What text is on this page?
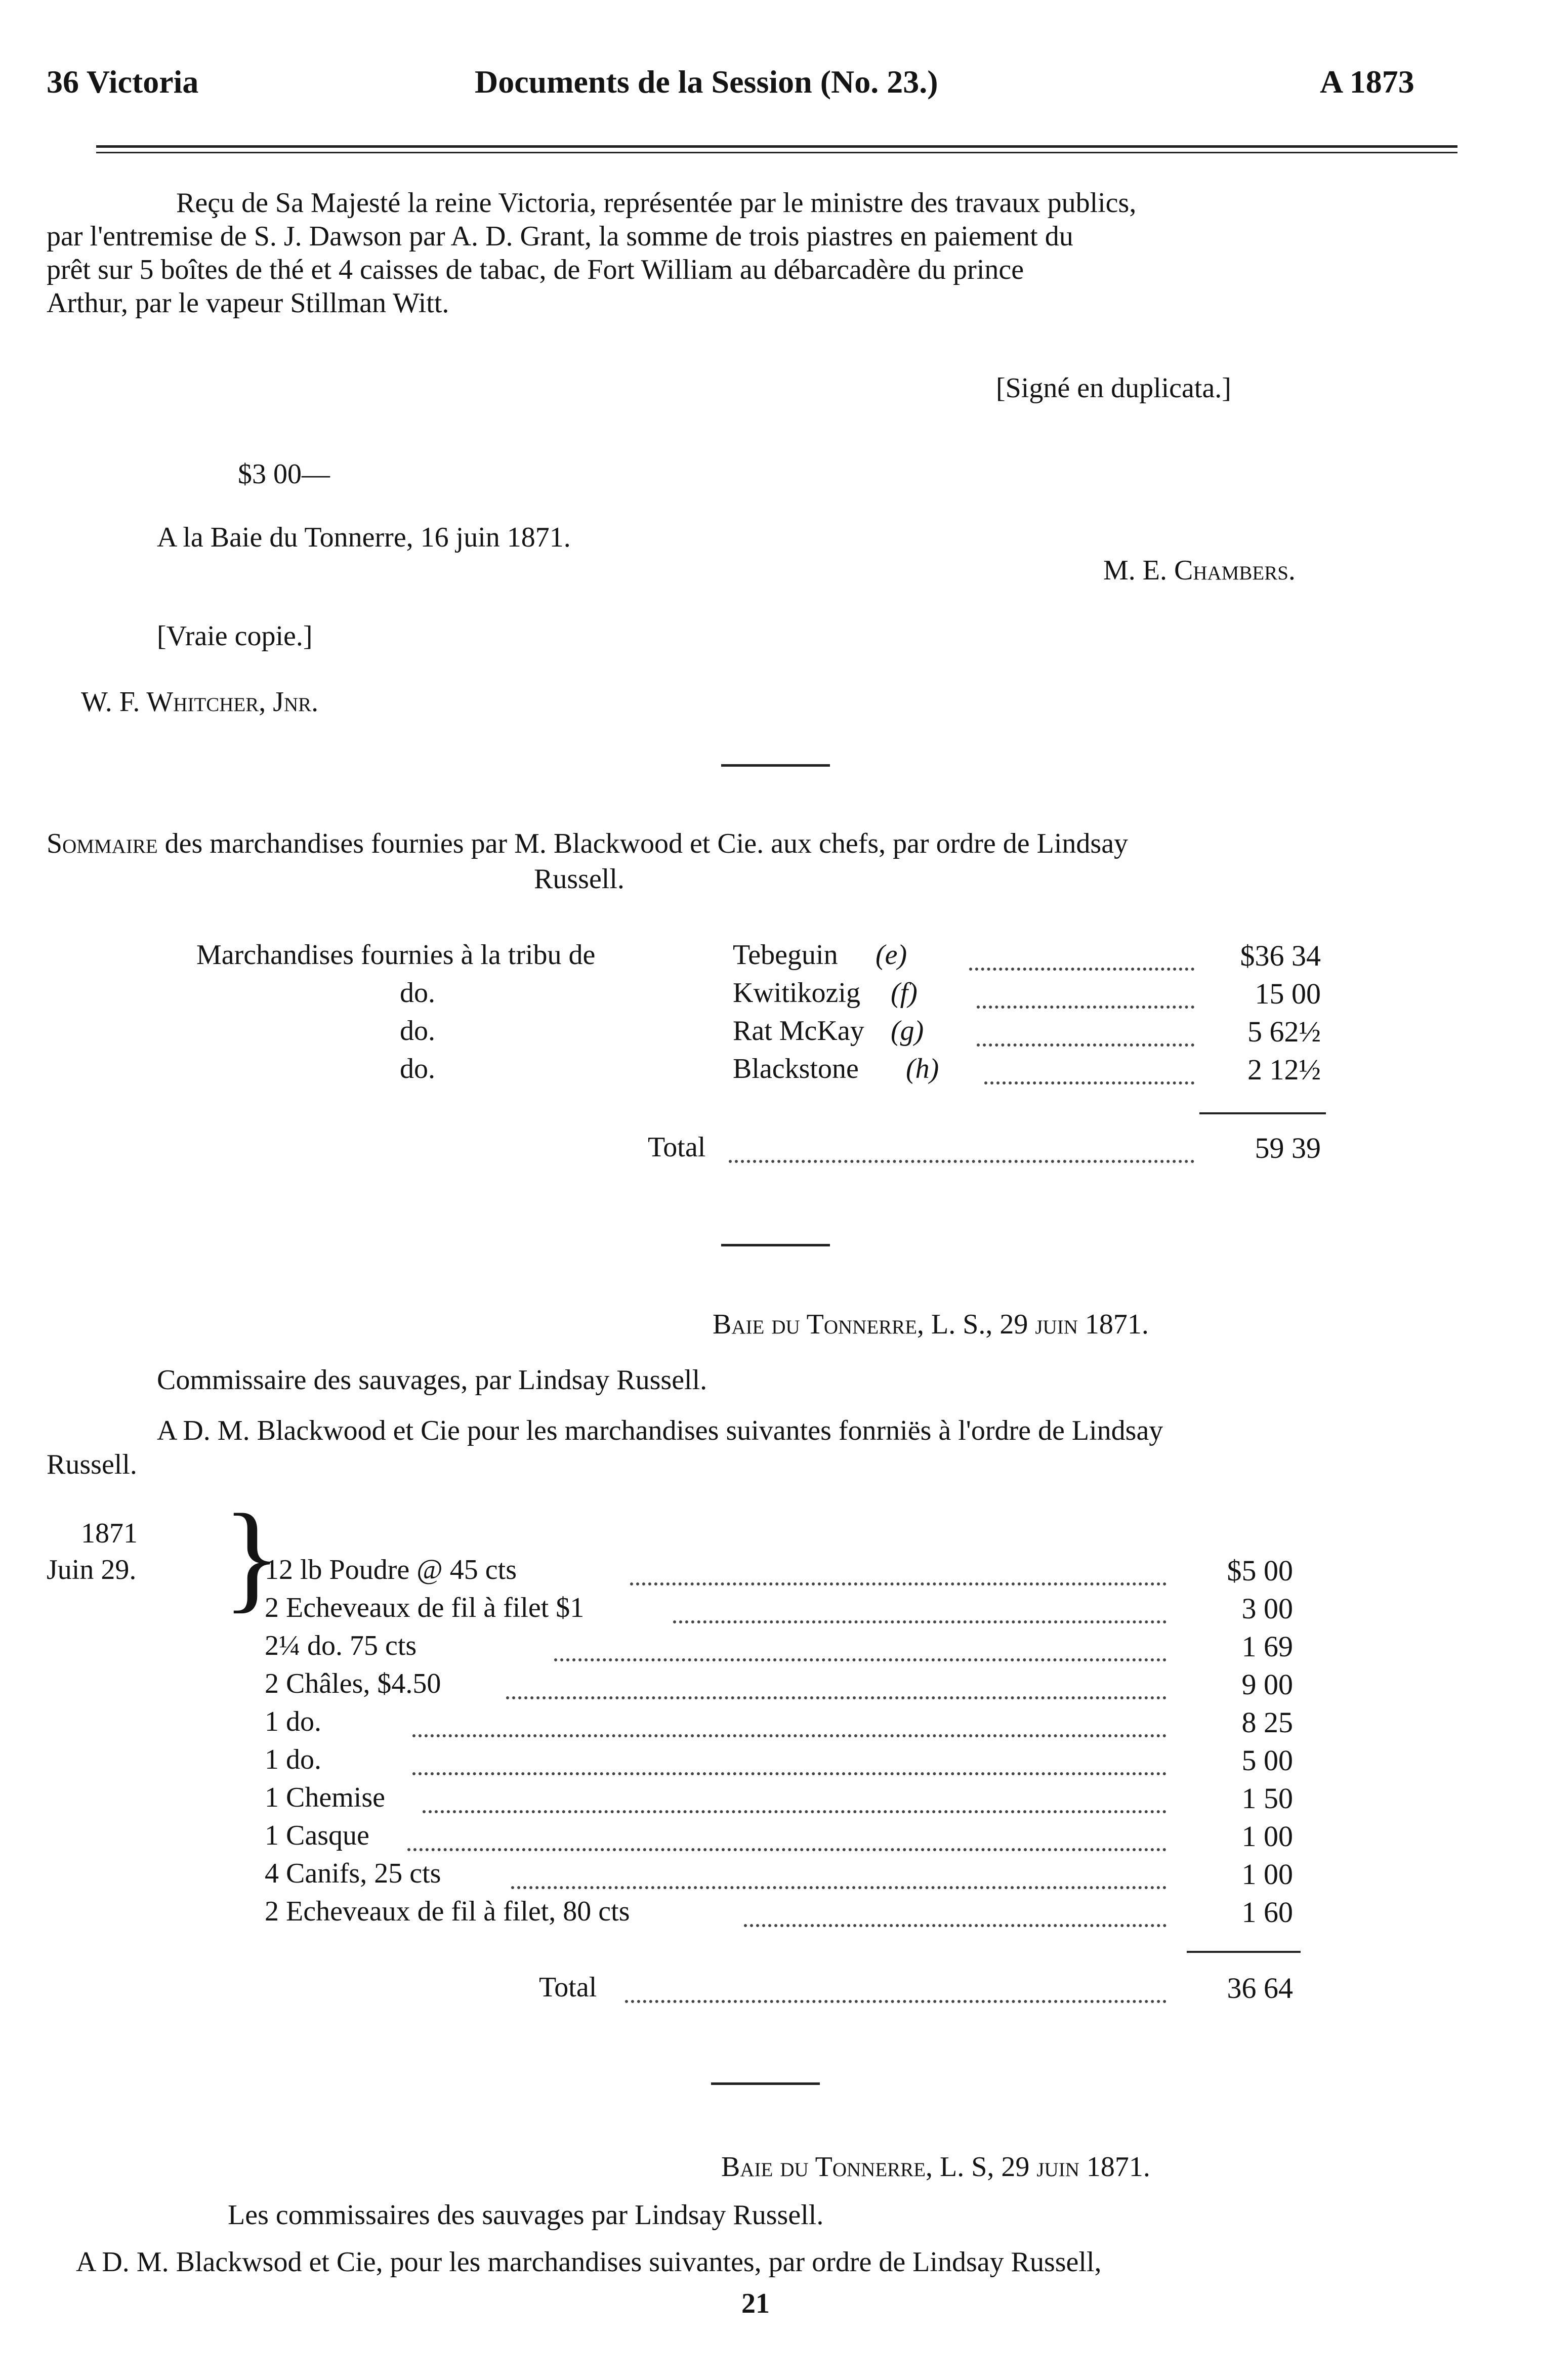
36 Victoria	Documents de la Session (No. 23.)	A 1873
Reçu de Sa Majesté la reine Victoria, représentée par le ministre des travaux publics,
par l'entremise de S. J. Dawson par A. D. Grant, la somme de trois piastres en paiement du
prêt sur 5 boîtes de thé et 4 caisses de tabac, de Fort William au débarcadère du prince
Arthur, par le vapeur Stillman Witt.
[Signé en duplicata.]
$3 00—
A la Baie du Tonnerre, 16 juin 1871.
M. E. Chambers.
[Vraie copie.]
W. F. Whitcher, Jnr.
Sommaire des marchandises fournies par M. Blackwood et Cie. aux chefs, par ordre de Lindsay
Russell.
Marchandises fournies à la tribu de	Tebeguin (e)	$36 34
do.	Kwitikozig (f)	15 00
do.	Rat McKay (g)	5 62½
do.	Blackstone (h)	2 12½
Total	59 39
Baie du Tonnerre, L. S., 29 juin 1871.
Commissaire des sauvages, par Lindsay Russell.
A D. M. Blackwood et Cie pour les marchandises suivantes fonrniës à l'ordre de Lindsay
Russell.
1871
Juin 29. }
12 lb Poudre @ 45 cts	$5 00
2 Echeveaux de fil à filet $1	3 00
2¼ do. 75 cts	1 69
2 Châles, $4.50	9 00
1 do.	8 25
1 do.	5 00
1 Chemise	1 50
1 Casque	1 00
4 Canifs, 25 cts	1 00
2 Echeveaux de fil à filet, 80 cts	1 60
Total	36 64
Baie du Tonnerre, L. S, 29 juin 1871.
Les commissaires des sauvages par Lindsay Russell.
A D. M. Blackwsod et Cie, pour les marchandises suivantes, par ordre de Lindsay Russell,
21
